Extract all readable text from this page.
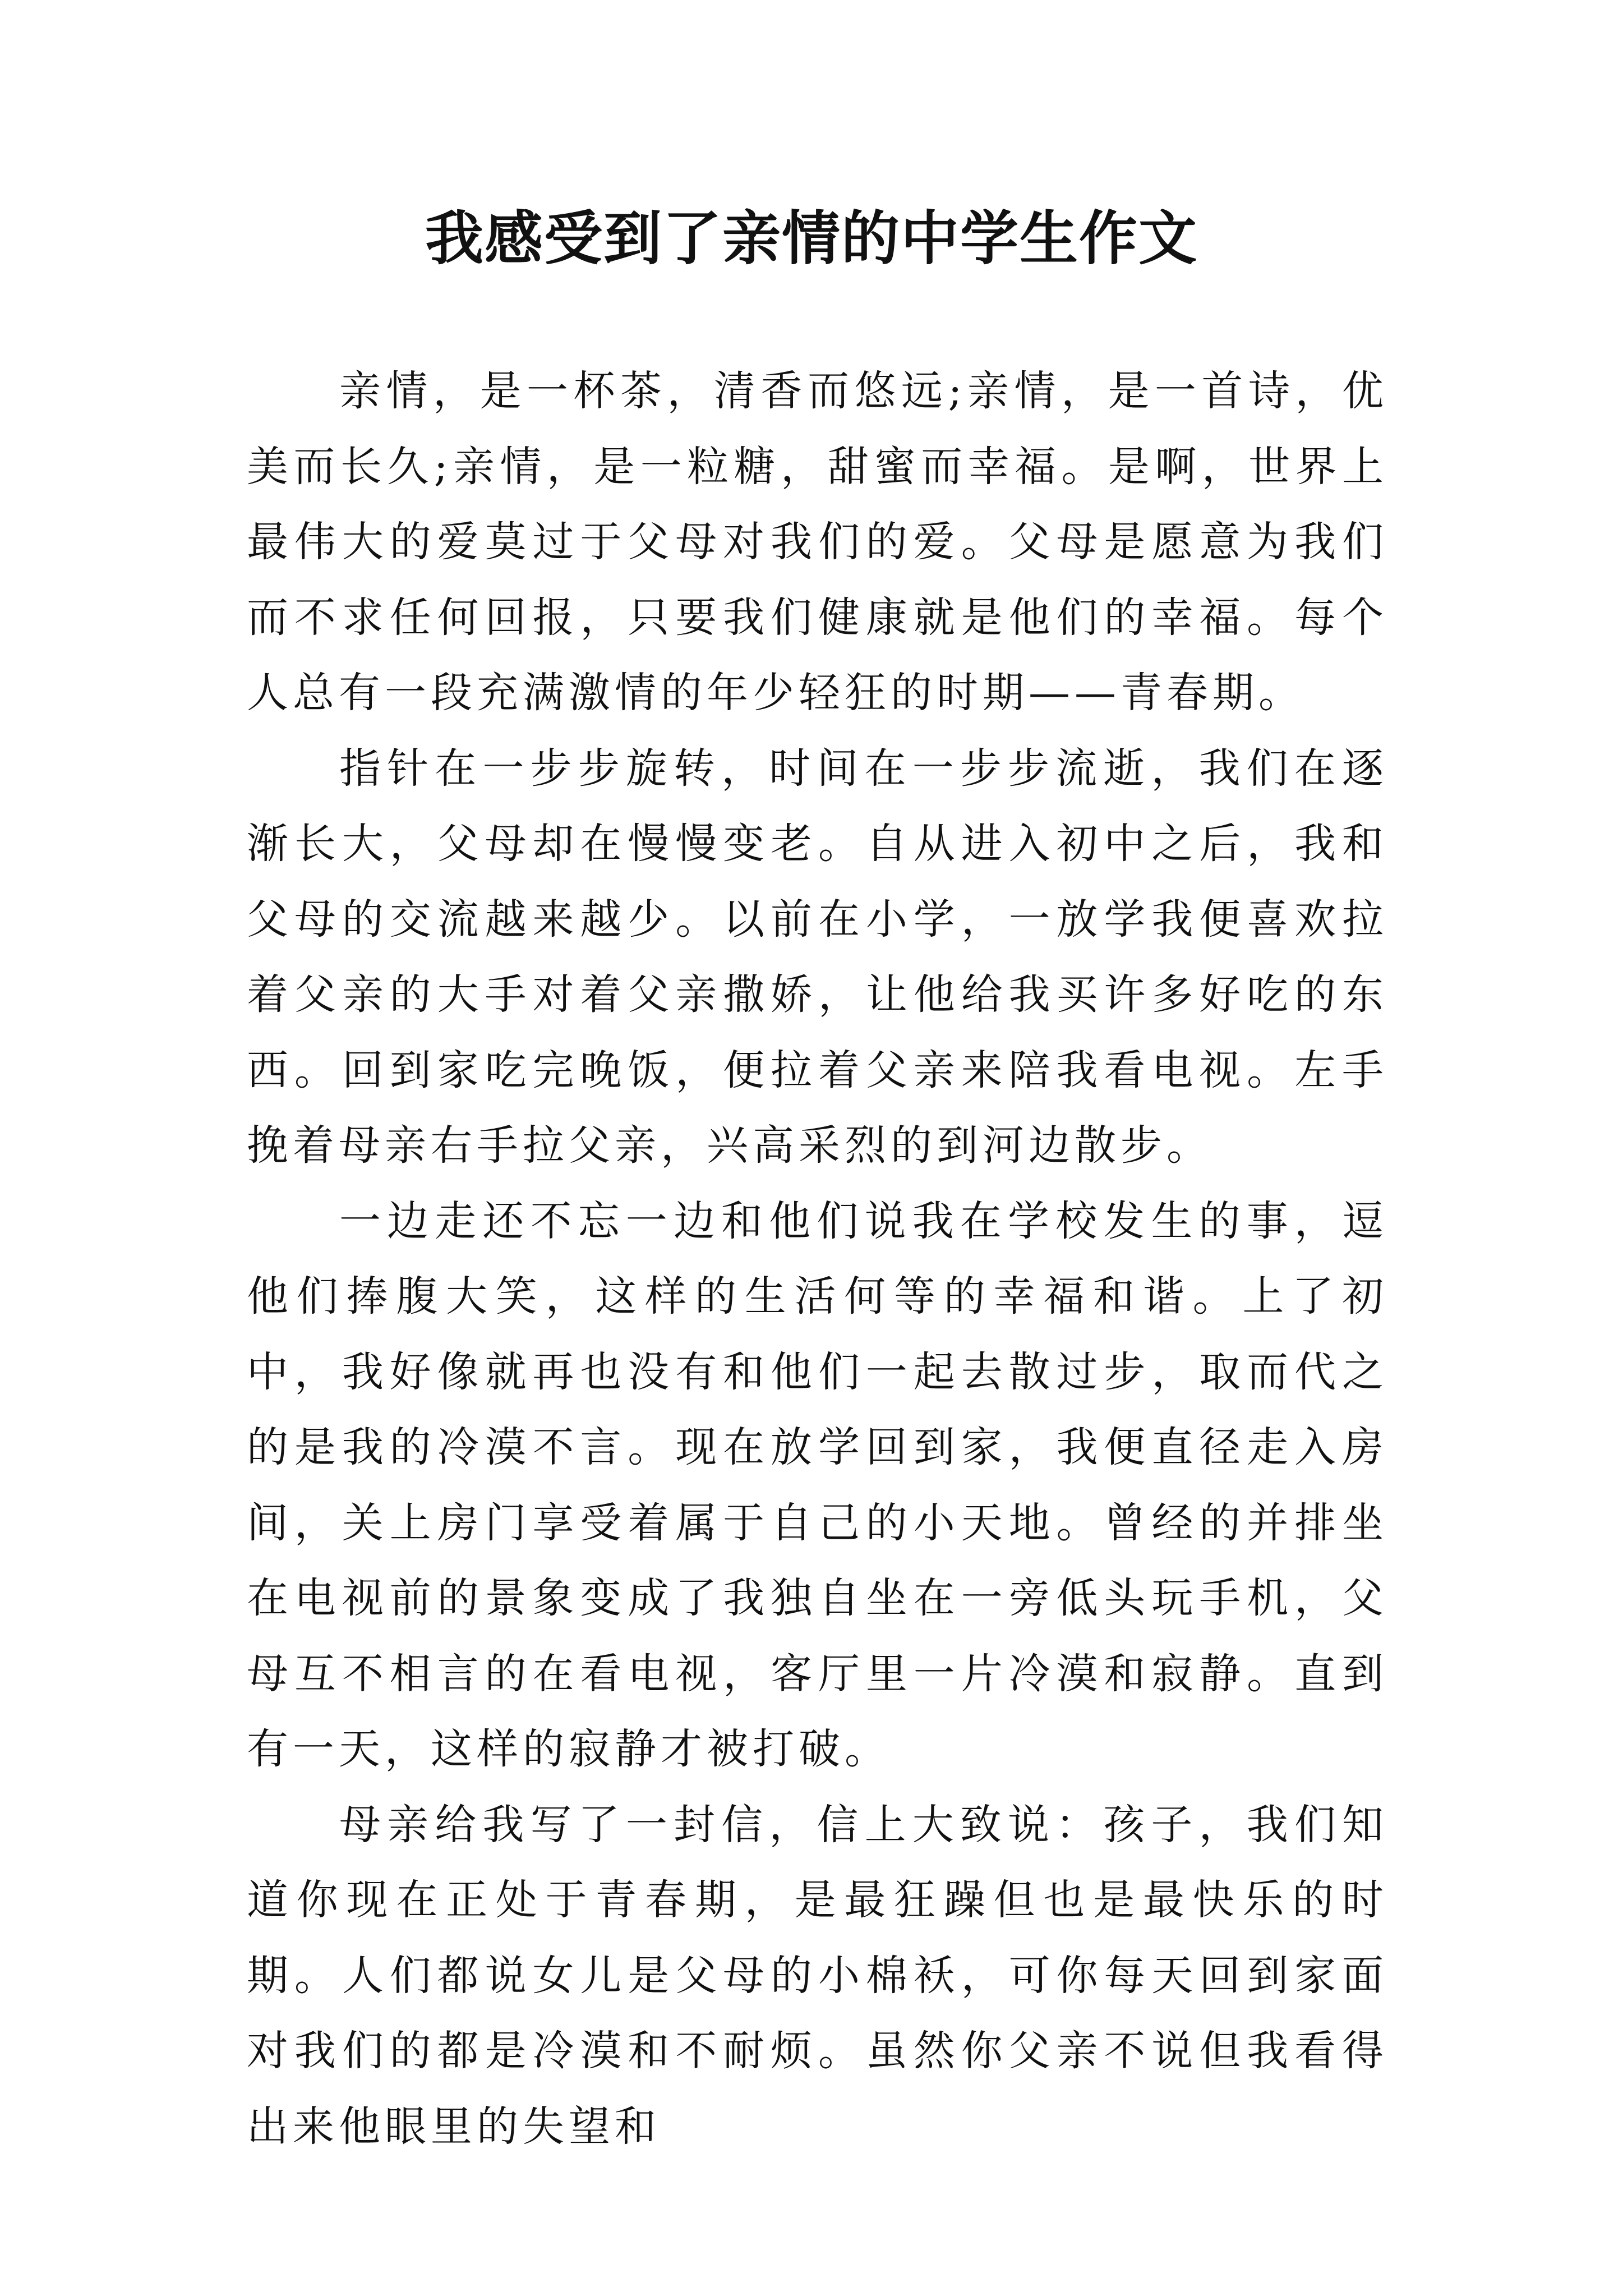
我感受到了亲情的中学生作文

亲情，是一杯茶，清香而悠远;亲情，是一首诗，优美而长久;亲情，是一粒糖，甜蜜而幸福。是啊，世界上最伟大的爱莫过于父母对我们的爱。父母是愿意为我们而不求任何回报，只要我们健康就是他们的幸福。每个人总有一段充满激情的年少轻狂的时期——青春期。

指针在一步步旋转，时间在一步步流逝，我们在逐渐长大，父母却在慢慢变老。自从进入初中之后，我和父母的交流越来越少。以前在小学，一放学我便喜欢拉着父亲的大手对着父亲撒娇，让他给我买许多好吃的东西。回到家吃完晚饭，便拉着父亲来陪我看电视。左手挽着母亲右手拉父亲，兴高采烈的到河边散步。

一边走还不忘一边和他们说我在学校发生的事，逗他们捧腹大笑，这样的生活何等的幸福和谐。上了初中，我好像就再也没有和他们一起去散过步，取而代之的是我的冷漠不言。现在放学回到家，我便直径走入房间，关上房门享受着属于自己的小天地。曾经的并排坐在电视前的景象变成了我独自坐在一旁低头玩手机，父母互不相言的在看电视，客厅里一片冷漠和寂静。直到有一天，这样的寂静才被打破。

母亲给我写了一封信，信上大致说：孩子，我们知道你现在正处于青春期，是最狂躁但也是最快乐的时期。人们都说女儿是父母的小棉袄，可你每天回到家面对我们的都是冷漠和不耐烦。虽然你父亲不说但我看得出来他眼里的失望和
